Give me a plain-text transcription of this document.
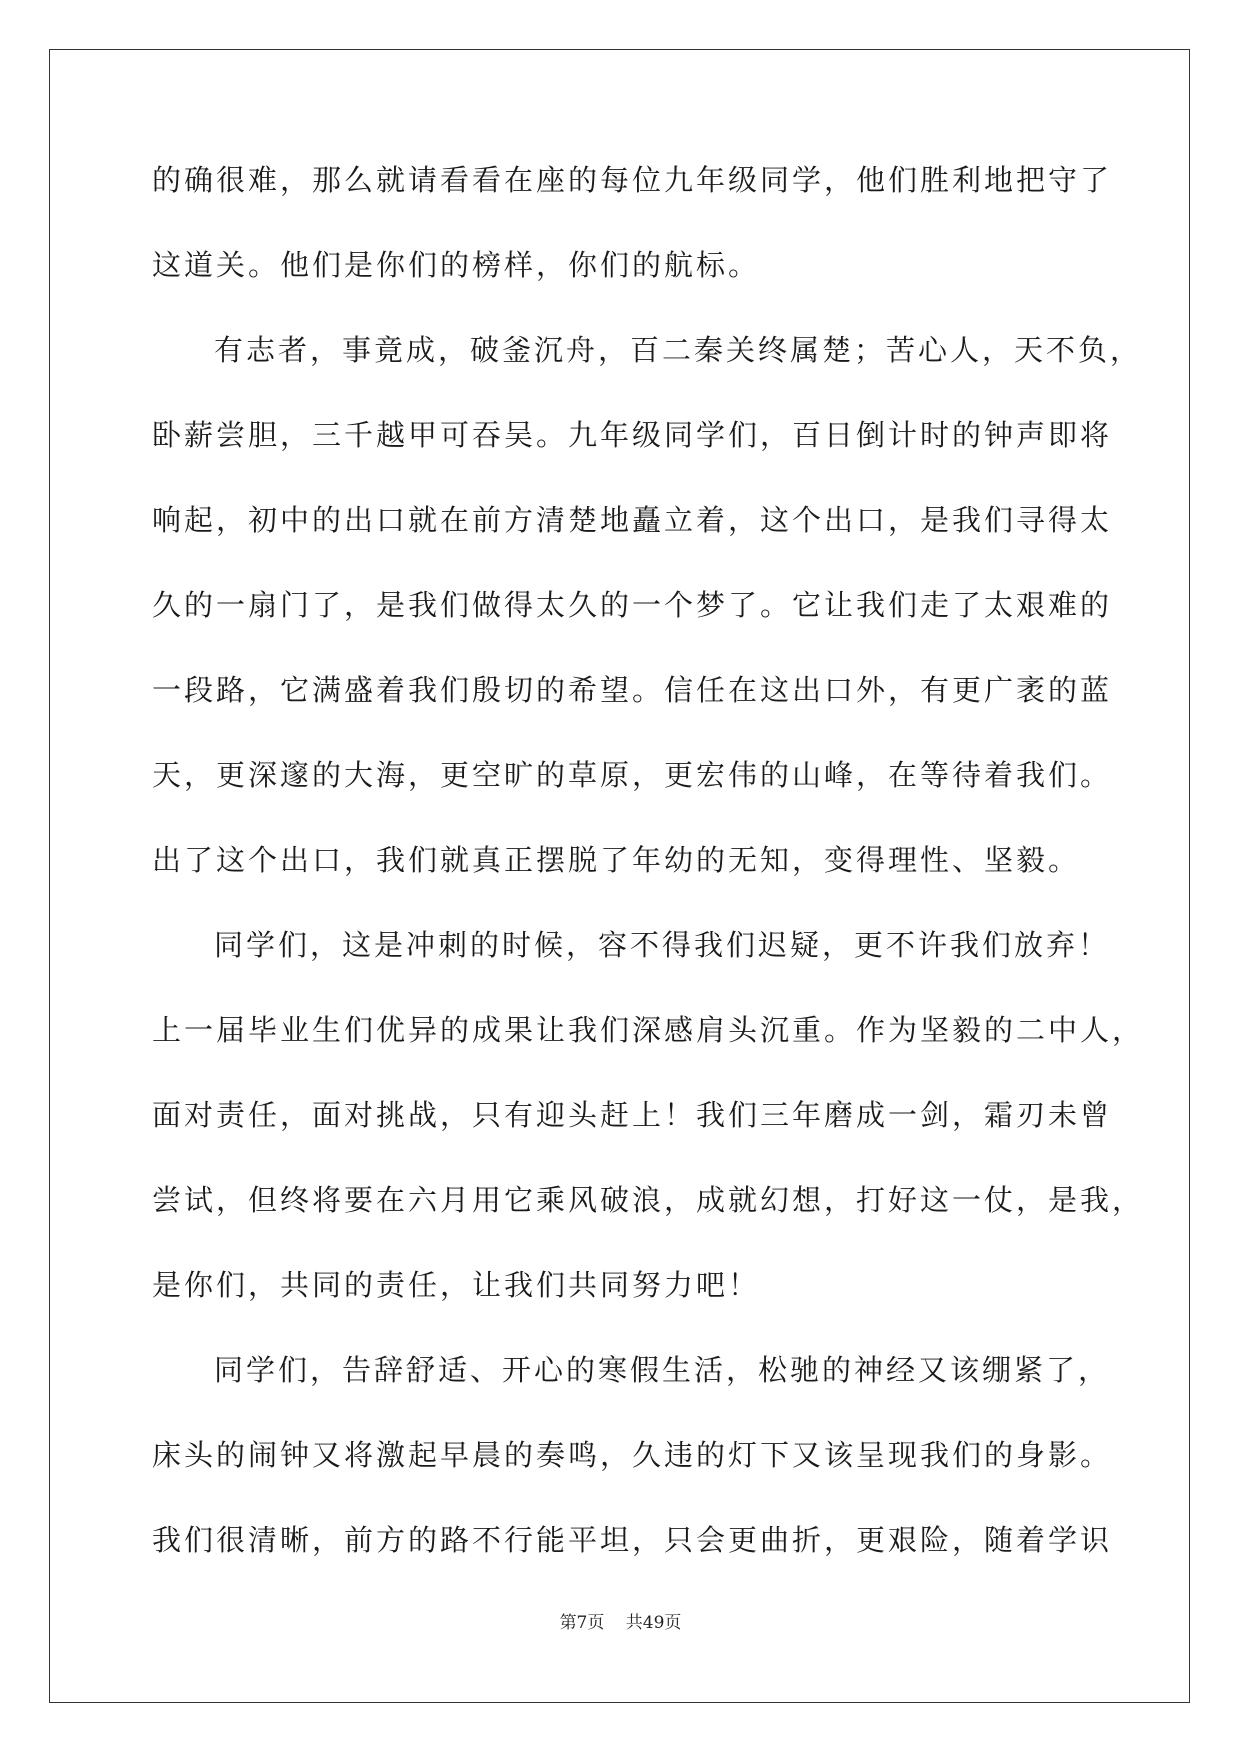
的确很难，那么就请看看在座的每位九年级同学，他们胜利地把守了
这道关。他们是你们的榜样，你们的航标。
有志者，事竟成，破釜沉舟，百二秦关终属楚；苦心人，天不负，
卧薪尝胆，三千越甲可吞吴。九年级同学们，百日倒计时的钟声即将
响起，初中的出口就在前方清楚地矗立着，这个出口，是我们寻得太
久的一扇门了，是我们做得太久的一个梦了。它让我们走了太艰难的
一段路，它满盛着我们殷切的希望。信任在这出口外，有更广袤的蓝
天，更深邃的大海，更空旷的草原，更宏伟的山峰，在等待着我们。
出了这个出口，我们就真正摆脱了年幼的无知，变得理性、坚毅。
同学们，这是冲刺的时候，容不得我们迟疑，更不许我们放弃！
上一届毕业生们优异的成果让我们深感肩头沉重。作为坚毅的二中人，
面对责任，面对挑战，只有迎头赶上！我们三年磨成一剑，霜刃未曾
尝试，但终将要在六月用它乘风破浪，成就幻想，打好这一仗，是我，
是你们，共同的责任，让我们共同努力吧！
同学们，告辞舒适、开心的寒假生活，松驰的神经又该绷紧了，
床头的闹钟又将激起早晨的奏鸣，久违的灯下又该呈现我们的身影。
我们很清晰，前方的路不行能平坦，只会更曲折，更艰险，随着学识
第7页 共49页
